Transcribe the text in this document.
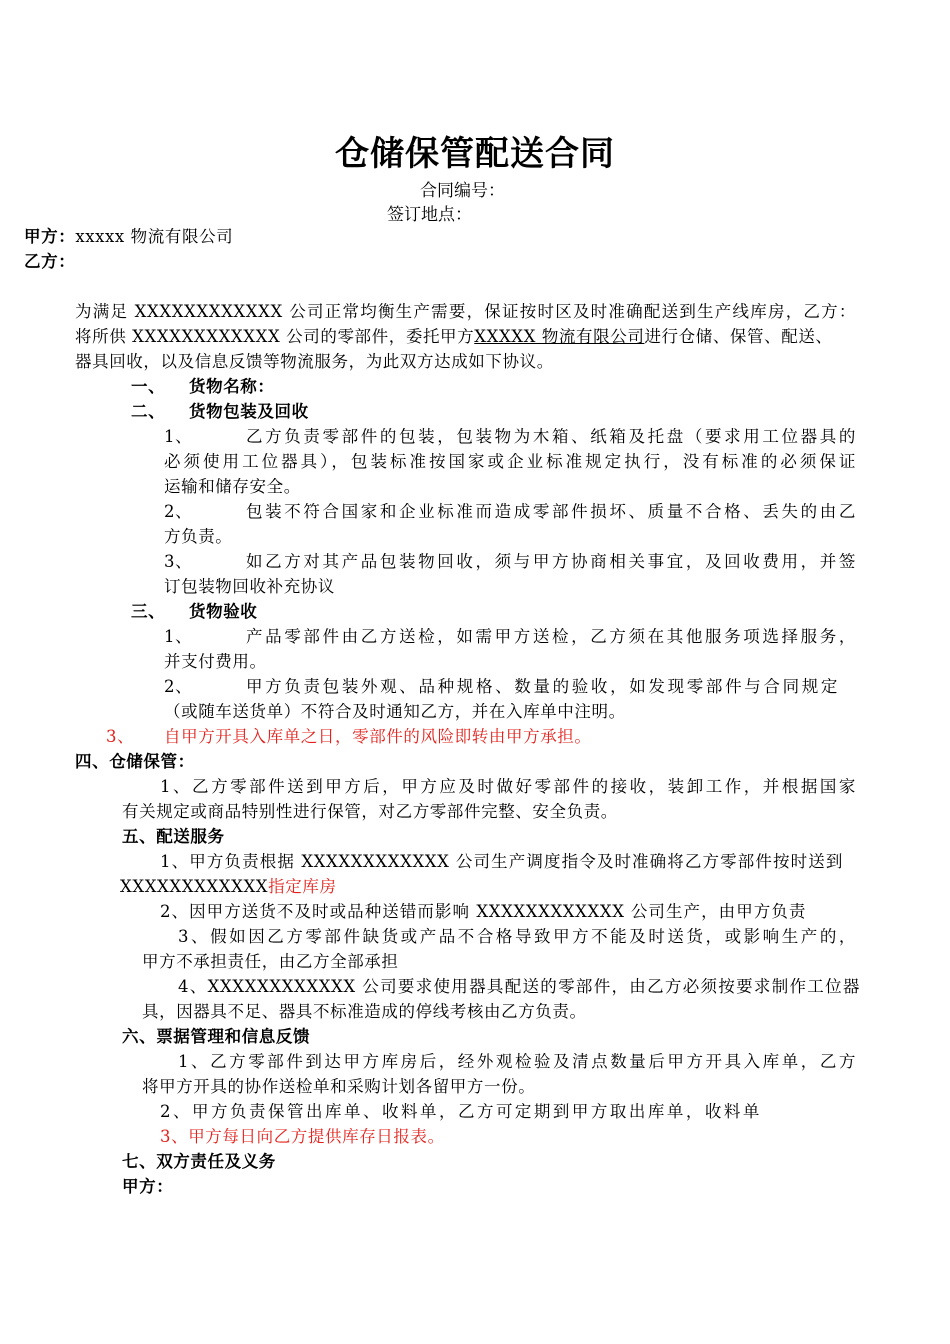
仓储保管配送合同
合同编号：
签订地点：
甲方：xxxxx 物流有限公司
乙方：
为满足 XXXXXXXXXXXX 公司正常均衡生产需要，保证按时区及时准确配送到生产线库房，乙方：
将所供 XXXXXXXXXXXX 公司的零部件，委托甲方XXXXX 物流有限公司进行仓储、保管、配送、
器具回收，以及信息反馈等物流服务，为此双方达成如下协议。
一、 货物名称：
二、 货物包装及回收
1、	乙方负责零部件的包装，包装物为木箱、纸箱及托盘（要求用工位器具的
必须使用工位器具），包装标准按国家或企业标准规定执行，没有标准的必须保证
运输和储存安全。
2、	包装不符合国家和企业标准而造成零部件损坏、质量不合格、丢失的由乙
方负责。
3、	如乙方对其产品包装物回收，须与甲方协商相关事宜，及回收费用，并签
订包装物回收补充协议
三、 货物验收
1、	产品零部件由乙方送检，如需甲方送检，乙方须在其他服务项选择服务，
并支付费用。
2、	甲方负责包装外观、品种规格、数量的验收，如发现零部件与合同规定
（或随车送货单）不符合及时通知乙方，并在入库单中注明。
3、 自甲方开具入库单之日，零部件的风险即转由甲方承担。
四、仓储保管：
1、乙方零部件送到甲方后，甲方应及时做好零部件的接收，装卸工作，并根据国家
有关规定或商品特别性进行保管，对乙方零部件完整、安全负责。
五、配送服务
1、甲方负责根据 XXXXXXXXXXXX 公司生产调度指令及时准确将乙方零部件按时送到
XXXXXXXXXXXX指定库房
2、因甲方送货不及时或品种送错而影响 XXXXXXXXXXXX 公司生产，由甲方负责
3、假如因乙方零部件缺货或产品不合格导致甲方不能及时送货，或影响生产的，
甲方不承担责任，由乙方全部承担
4、XXXXXXXXXXXX 公司要求使用器具配送的零部件，由乙方必须按要求制作工位器
具，因器具不足、器具不标准造成的停线考核由乙方负责。
六、票据管理和信息反馈
1、乙方零部件到达甲方库房后，经外观检验及清点数量后甲方开具入库单，乙方
将甲方开具的协作送检单和采购计划各留甲方一份。
2、甲方负责保管出库单、收料单，乙方可定期到甲方取出库单，收料单
3、甲方每日向乙方提供库存日报表。
七、双方责任及义务
甲方：
